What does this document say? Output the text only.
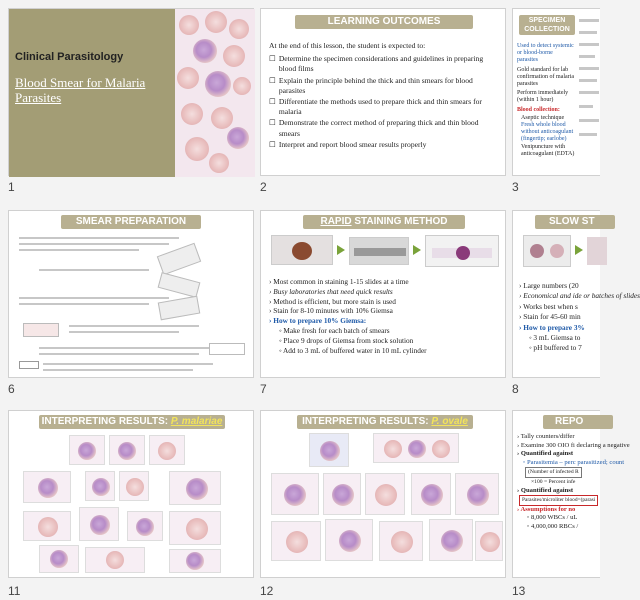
Clinical Parasitology
Blood Smear for Malaria Parasites
1
LEARNING OUTCOMES
At the end of this lesson, the student is expected to:
☐ Determine the specimen considerations and guidelines in preparing blood films
☐ Explain the principle behind the thick and thin smears for blood parasites
☐ Differentiate the methods used to prepare thick and thin smears for malaria
☐ Demonstrate the correct method of preparing thick and thin blood smears
☐ Interpret and report blood smear results properly
2
SPECIMEN COLLECTION
Used to detect systemic or blood-borne parasites
Gold standard for lab confirmation of malaria parasites
Perform immediately (within 1 hour)
Blood collection:
Aseptic technique
Fresh whole blood without anticoagulant (fingertip; earlobe)
Venipuncture with anticoagulant (EDTA)
3
SMEAR PREPARATION
6
RAPID STAINING METHOD
› Most common in staining 1-15 slides at a time
› Busy laboratories that need quick results
› Method is efficient, but more stain is used
› Stain for 8-10 minutes with 10% Giemsa
› How to prepare 10% Giemsa:
◦ Make fresh for each batch of smears
◦ Place 9 drops of Giemsa from stock solution
◦ Add to 3 mL of buffered water in 10 mL cylinder
7
SLOW ST
› Large numbers (20
› Economical and ide or batches of slides
› Works best when s
› Stain for 45-60 min
› How to prepare 3%
◦ 3 mL Giemsa to
◦ pH buffered to 7
8
INTERPRETING RESULTS: P. malariae
11
INTERPRETING RESULTS: P. ovale
12
REPO
› Tally counters/differ
› Examine 300 OIO fi declaring a negative
› Quantified against
◦ Parasitemia – perc parasitized; count
(Number of infected R
×100 = Percent infe
› Quantified against
Parasites/microliter blood=(parasi
› Assumptions for no
◦ 8,000 WBCs / uL
◦ 4,000,000 RBCs /
13
